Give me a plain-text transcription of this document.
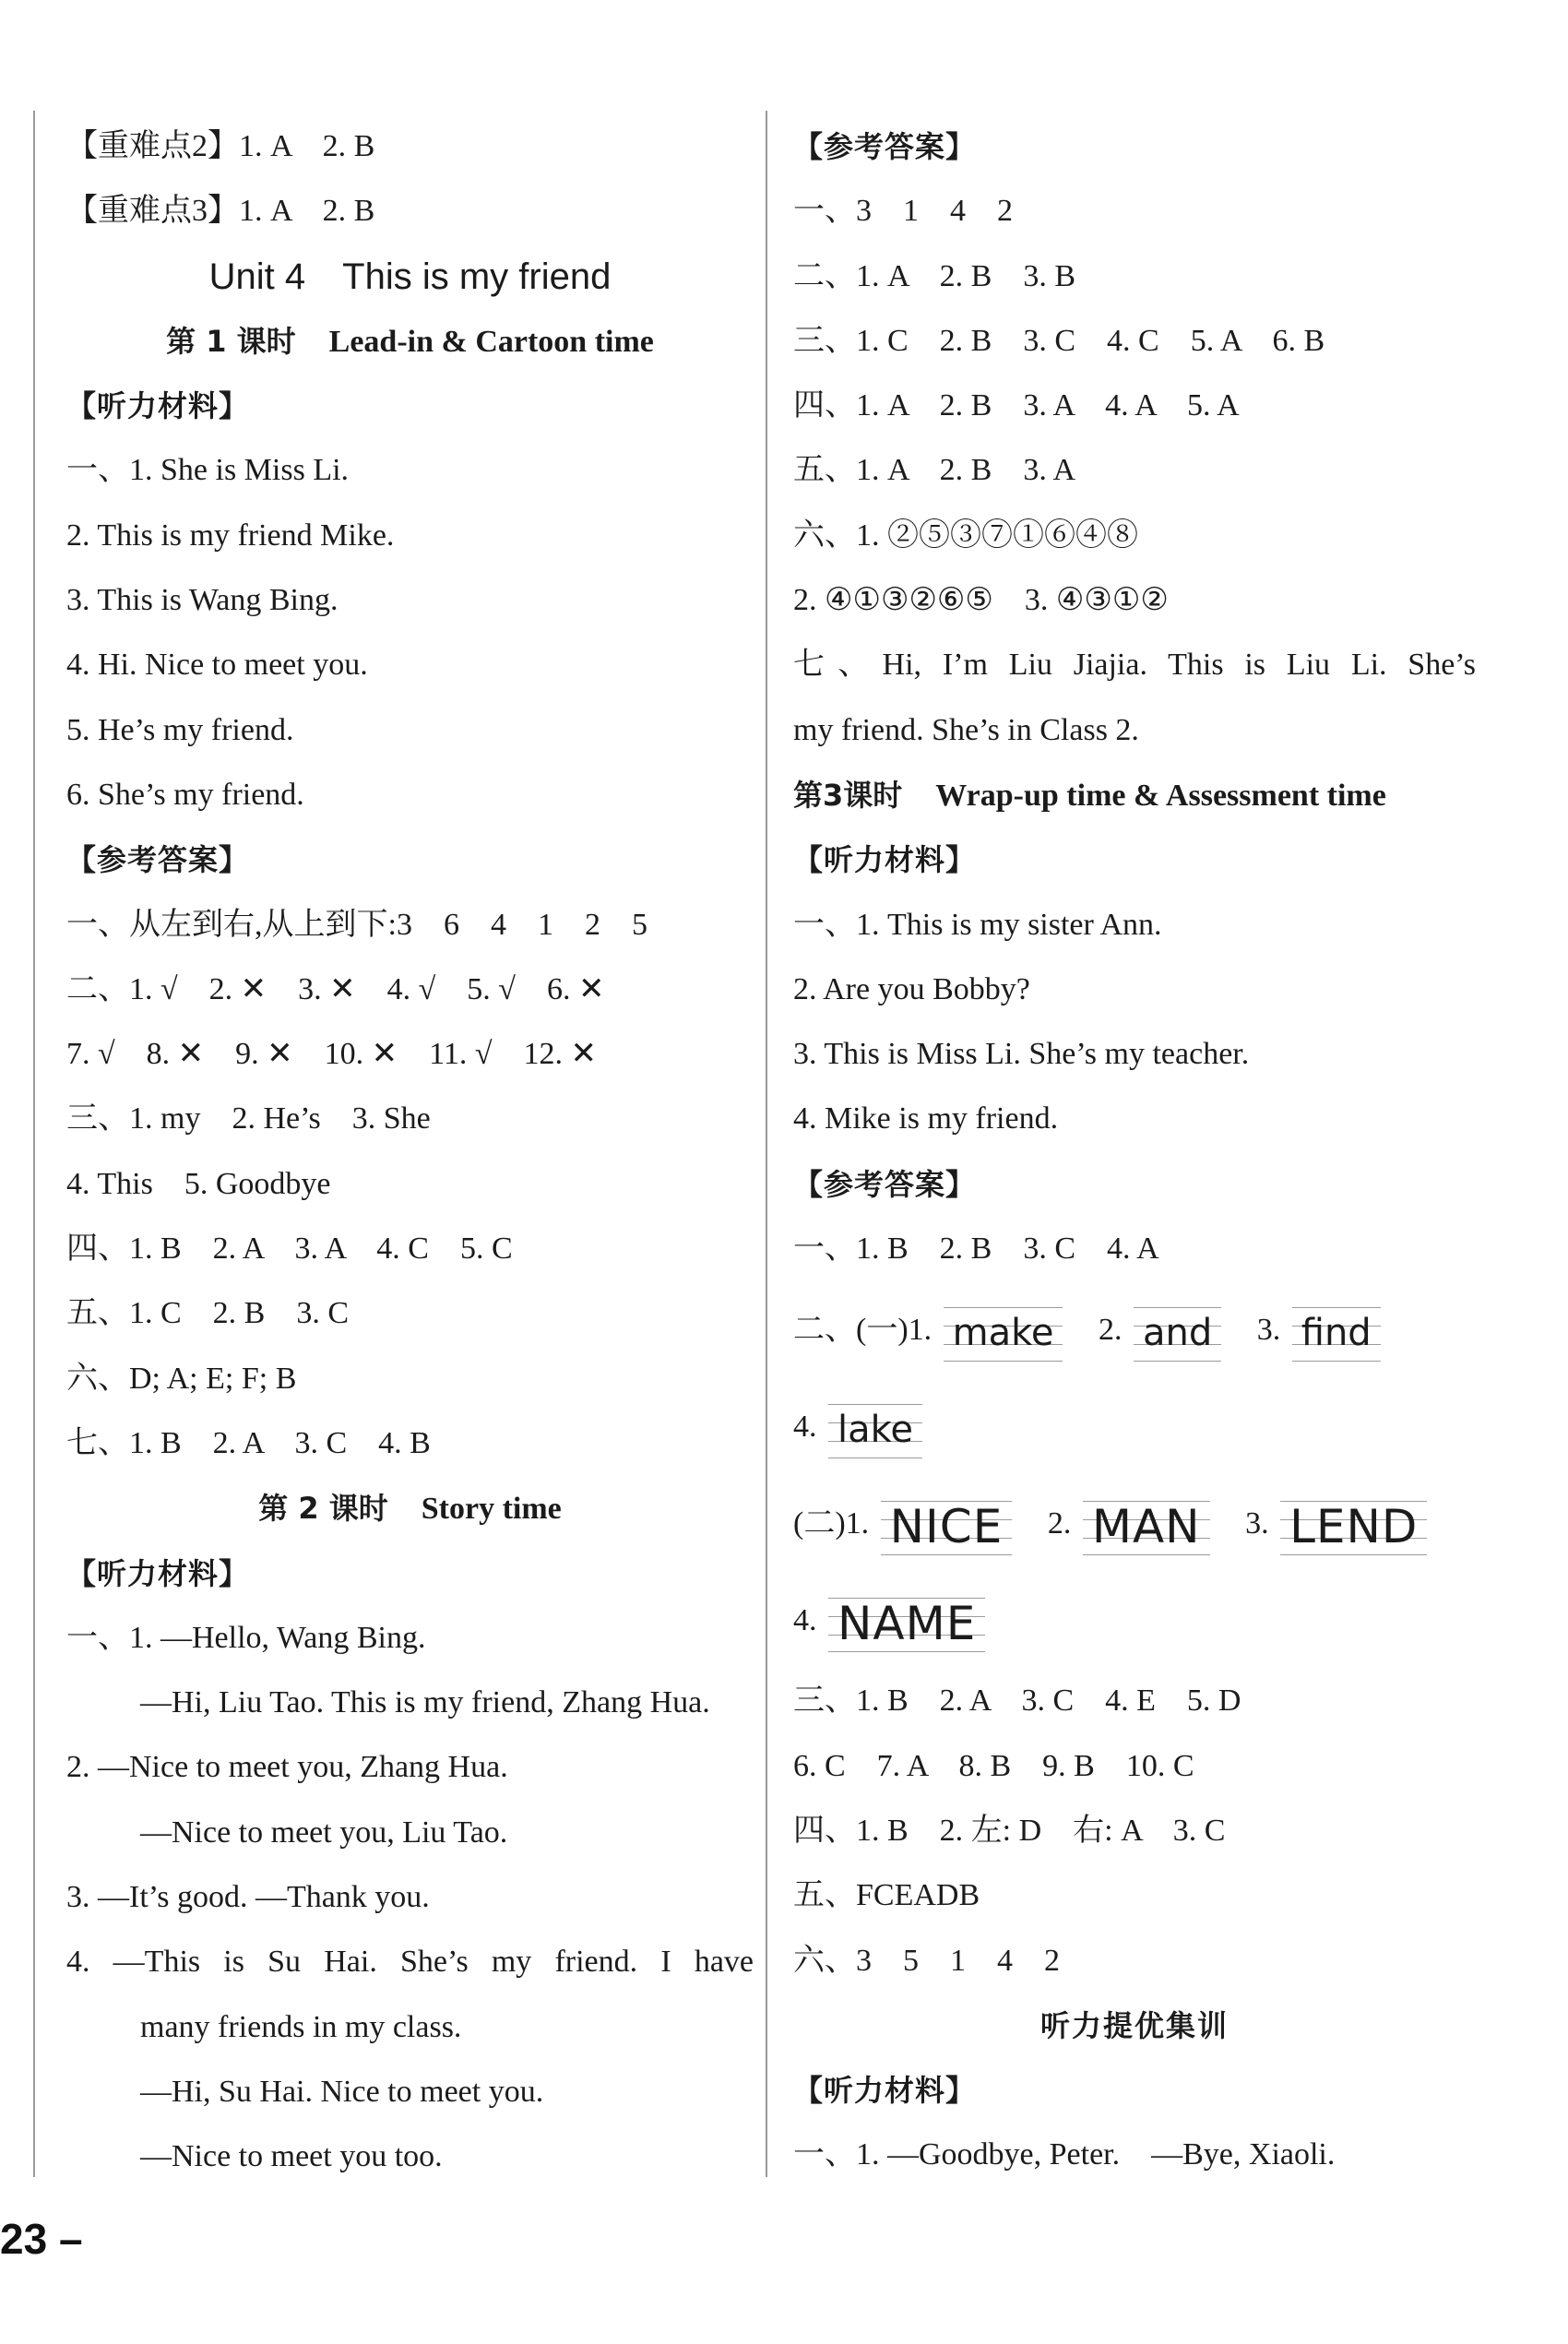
【重难点2】1. A　2. B
【重难点3】1. A　2. B
Unit 4　This is my friend
第 1 课时 Lead-in & Cartoon time
【听力材料】
一、1. She is Miss Li.
2. This is my friend Mike.
3. This is Wang Bing.
4. Hi. Nice to meet you.
5. He’s my friend.
6. She’s my friend.
【参考答案】
一、从左到右,从上到下:3　6　4　1　2　5
二、1. √　2. ✕　3. ✕　4. √　5. √　6. ✕
7. √　8. ✕　9. ✕　10. ✕　11. √　12. ✕
三、1. my　2. He’s　3. She
4. This　5. Goodbye
四、1. B　2. A　3. A　4. C　5. C
五、1. C　2. B　3. C
六、D; A; E; F; B
七、1. B　2. A　3. C　4. B
第 2 课时 Story time
【听力材料】
一、1. —Hello, Wang Bing.
—Hi, Liu Tao. This is my friend, Zhang Hua.
2. —Nice to meet you, Zhang Hua.
—Nice to meet you, Liu Tao.
3. —It’s good. —Thank you.
4. —This is Su Hai. She’s my friend. I have
many friends in my class.
—Hi, Su Hai. Nice to meet you.
—Nice to meet you too.
【参考答案】
一、3　1　4　2
二、1. A　2. B　3. B
三、1. C　2. B　3. C　4. C　5. A　6. B
四、1. A　2. B　3. A　4. A　5. A
五、1. A　2. B　3. A
六、1. ②⑤③⑦①⑥④⑧
2. ④①③②⑥⑤　3. ④③①②
七、Hi, I’m Liu Jiajia. This is Liu Li. She’s
my friend. She’s in Class 2.
第3课时 Wrap-up time & Assessment time
【听力材料】
一、1. This is my sister Ann.
2. Are you Bobby?
3. This is Miss Li. She’s my teacher.
4. Mike is my friend.
【参考答案】
一、1. B　2. B　3. C　4. A
二、(一)1. make 2. and 3. find
4. lake
(二)1. NICE 2. MAN 3. LEND
4. NAME
三、1. B　2. A　3. C　4. E　5. D
6. C　7. A　8. B　9. B　10. C
四、1. B　2. 左: D　右: A　3. C
五、FCEADB
六、3　5　1　4　2
听力提优集训
【听力材料】
一、1. —Goodbye, Peter.　—Bye, Xiaoli.
23 –
